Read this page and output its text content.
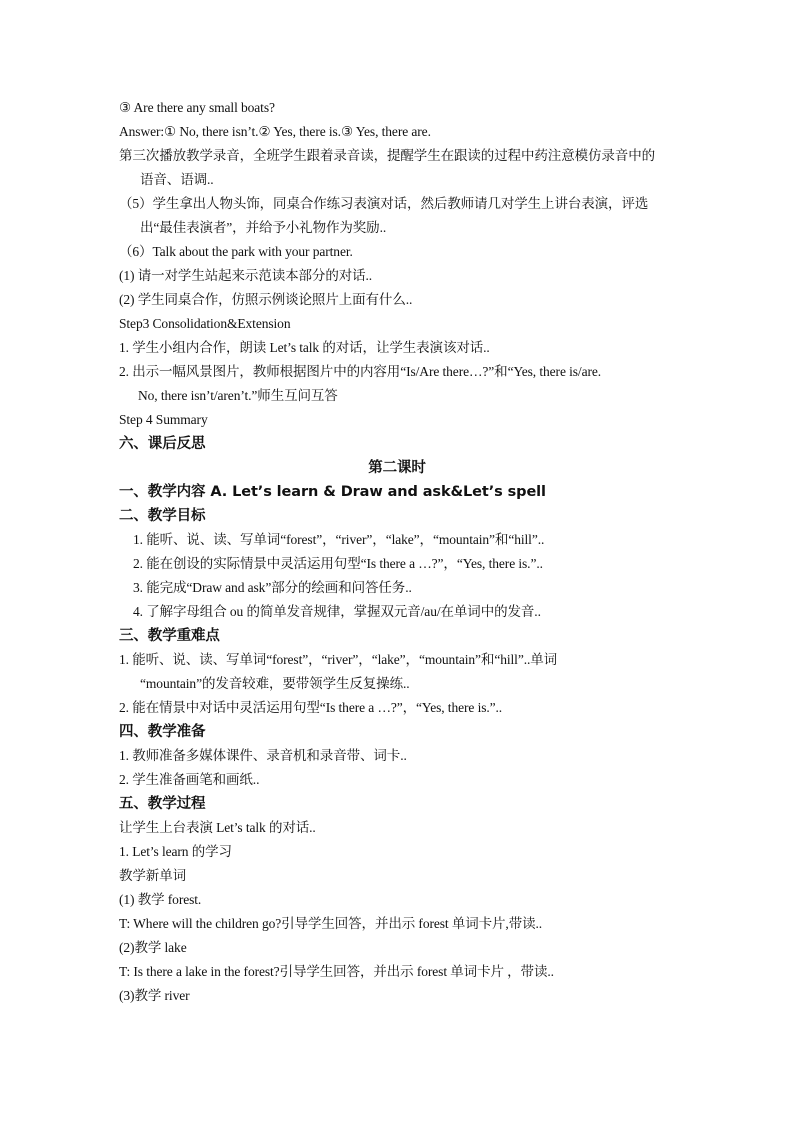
③ Are there any small boats?
Answer:① No, there isn’t.② Yes, there is.③ Yes, there are.
第三次播放教学录音，全班学生跟着录音读，提醒学生在跟读的过程中药注意模仿录音中的
语音、语调..
（5）学生拿出人物头饰，同桌合作练习表演对话，然后教师请几对学生上讲台表演，评选
出“最佳表演者”，并给予小礼物作为奖励..
（6）Talk about the park with your partner.
(1) 请一对学生站起来示范读本部分的对话..
(2) 学生同桌合作，仿照示例谈论照片上面有什么..
Step3 Consolidation&Extension
1. 学生小组内合作，朗读 Let’s talk 的对话，让学生表演该对话..
2. 出示一幅风景图片，教师根据图片中的内容用“Is/Are there…?”和“Yes, there is/are.
No, there isn’t/aren’t.”师生互问互答
Step 4 Summary
六、课后反思
第二课时
一、教学内容 A. Let’s learn & Draw and ask&Let’s spell
二、教学目标
1. 能听、说、读、写单词“forest”，“river”，“lake”，“mountain”和“hill”..
2. 能在创设的实际情景中灵活运用句型“Is there a …?”，“Yes, there is.”..
3. 能完成“Draw and ask”部分的绘画和问答任务..
4. 了解字母组合 ou 的简单发音规律，掌握双元音/au/在单词中的发音..
三、教学重难点
1. 能听、说、读、写单词“forest”，“river”，“lake”，“mountain”和“hill”..单词
“mountain”的发音较难，要带领学生反复操练..
2. 能在情景中对话中灵活运用句型“Is there a …?”，“Yes, there is.”..
四、教学准备
1. 教师准备多媒体课件、录音机和录音带、词卡..
2. 学生准备画笔和画纸..
五、教学过程
让学生上台表演 Let’s talk 的对话..
1. Let’s learn 的学习
教学新单词
(1) 教学 forest.
T: Where will the children go?引导学生回答，并出示 forest 单词卡片,带读..
(2)教学 lake
T: Is there a lake in the forest?引导学生回答，并出示 forest 单词卡片 ，带读..
(3)教学 river
